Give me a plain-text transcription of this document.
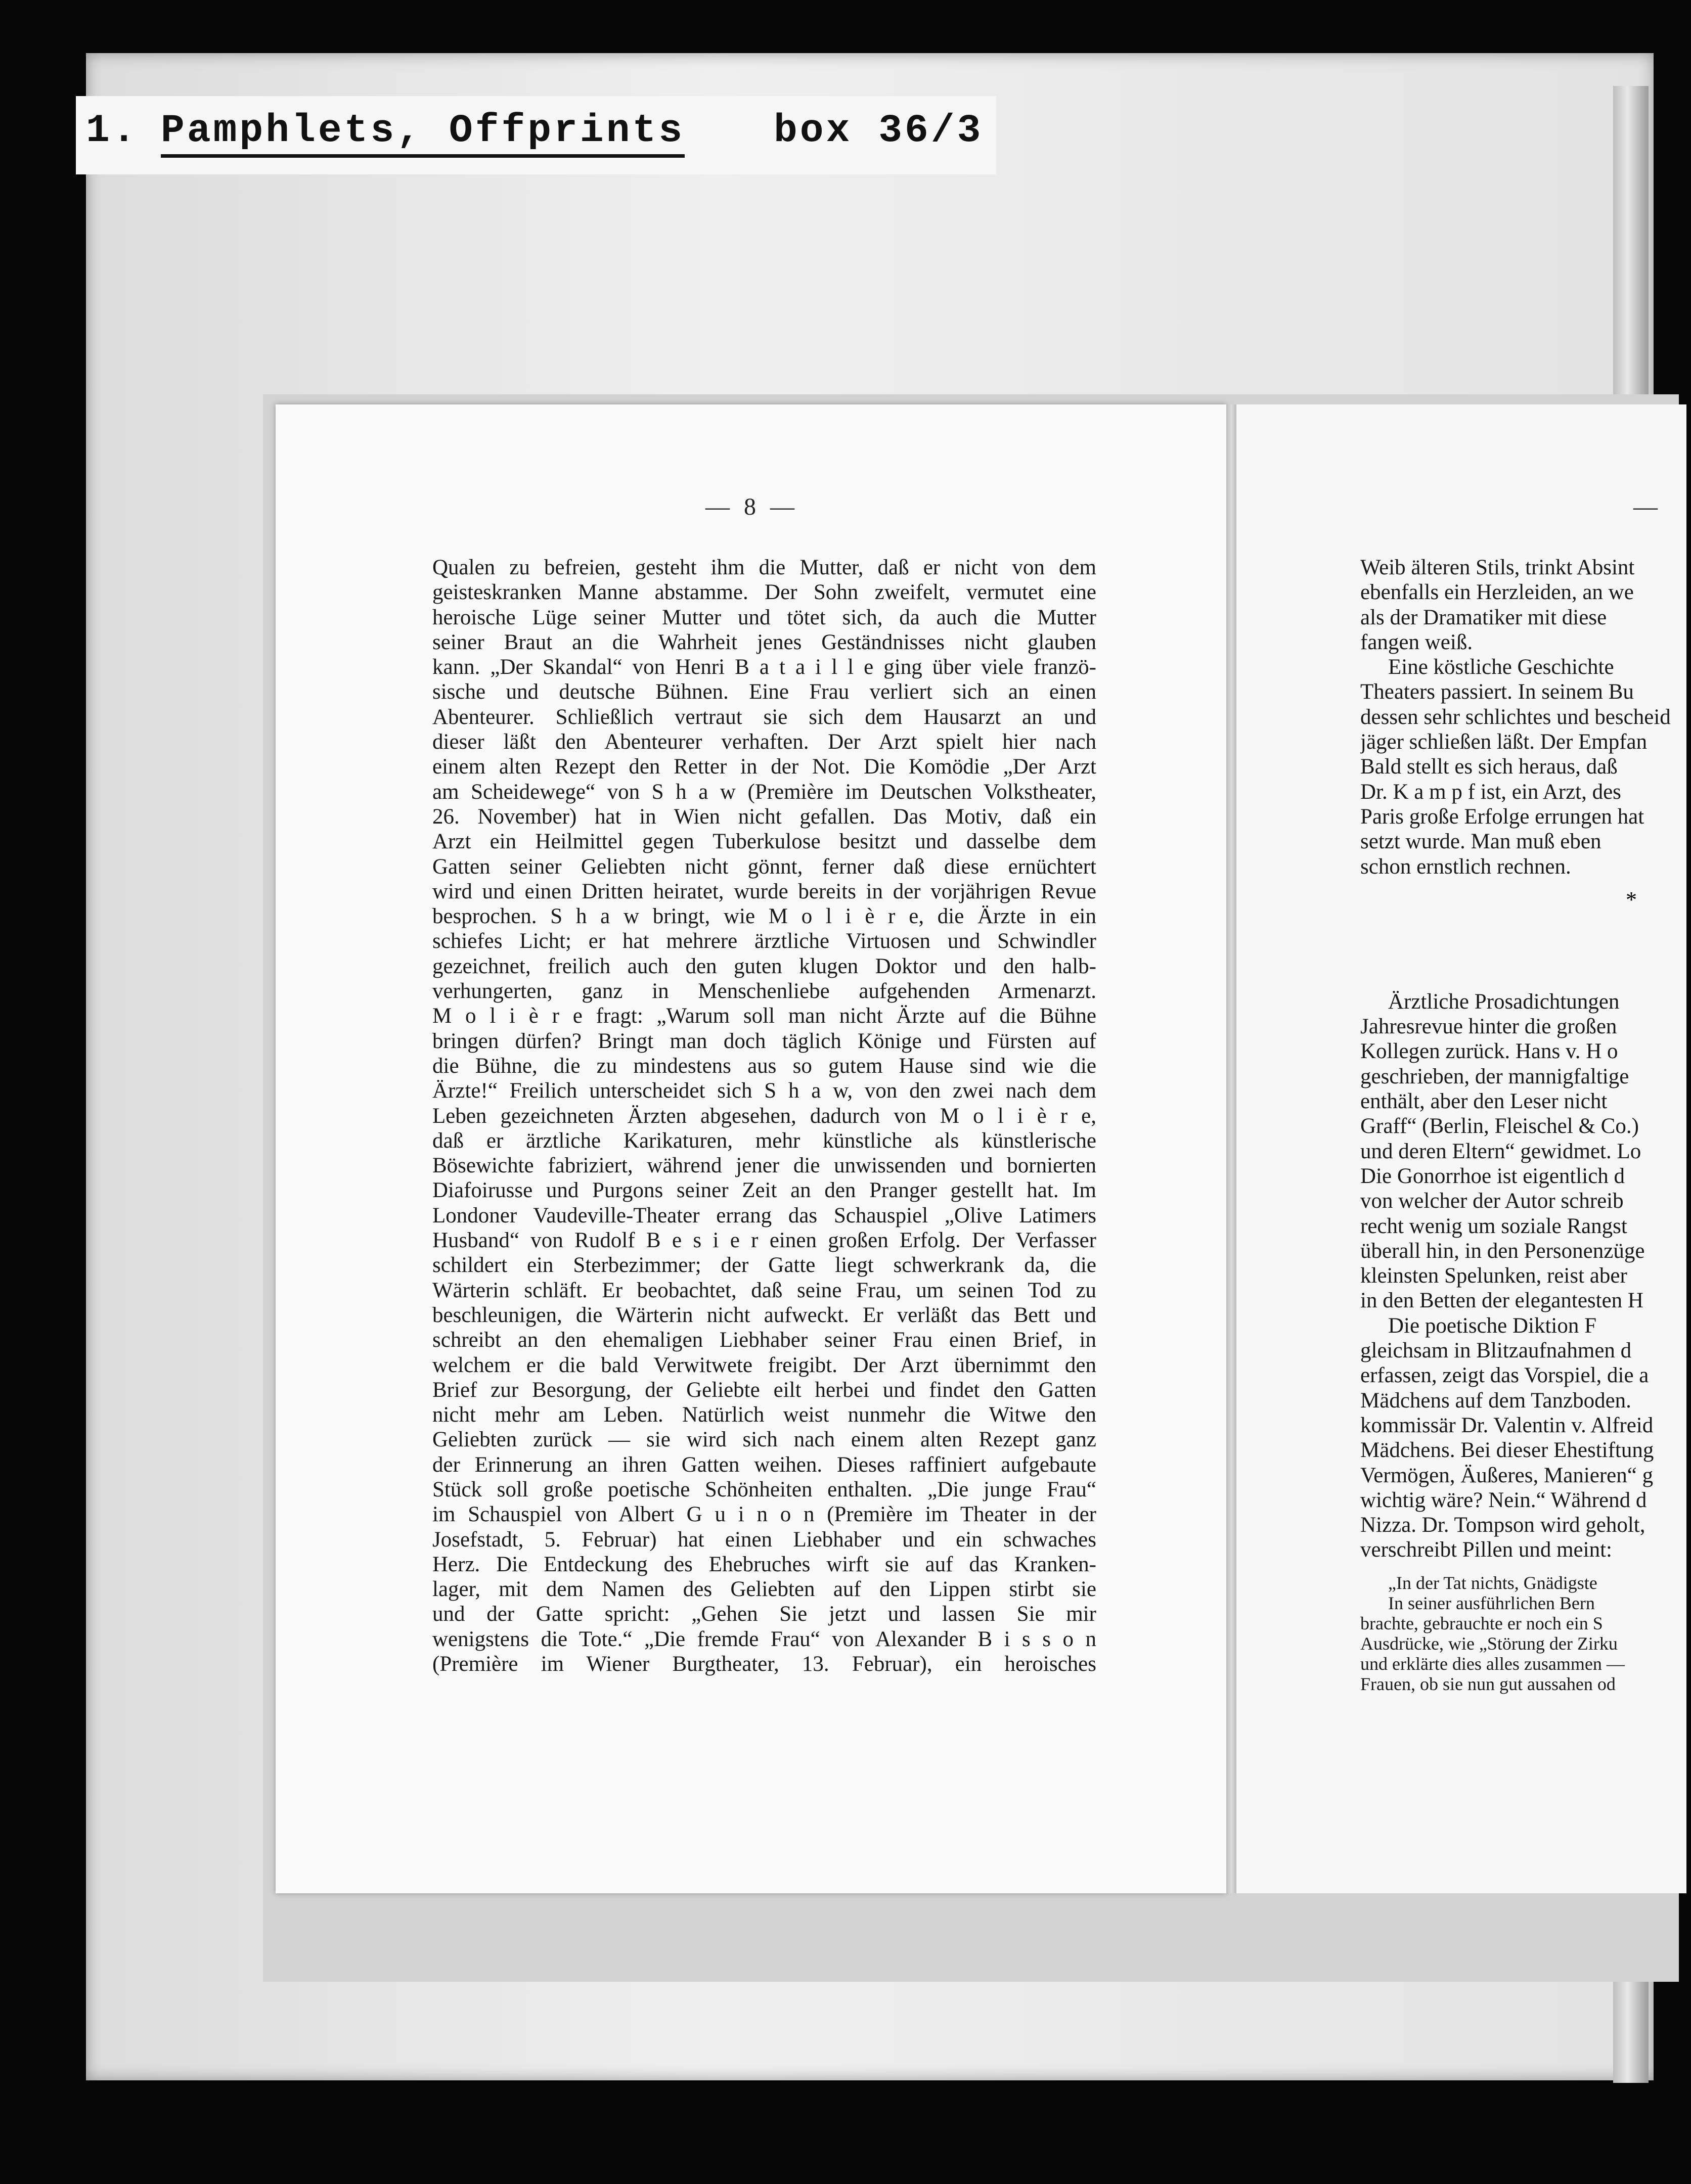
1. Pamphlets, Offprints box 36/3
— 8 —	—
Qualen zu befreien, gesteht ihm die Mutter, daß er nicht von dem
geisteskranken Manne abstamme. Der Sohn zweifelt, vermutet eine
heroische Lüge seiner Mutter und tötet sich, da auch die Mutter
seiner Braut an die Wahrheit jenes Geständnisses nicht glauben
kann. „Der Skandal“ von Henri B a t a i l l e ging über viele franzö-
sische und deutsche Bühnen. Eine Frau verliert sich an einen
Abenteurer. Schließlich vertraut sie sich dem Hausarzt an und
dieser läßt den Abenteurer verhaften. Der Arzt spielt hier nach
einem alten Rezept den Retter in der Not. Die Komödie „Der Arzt
am Scheidewege“ von S h a w (Première im Deutschen Volkstheater,
26. November) hat in Wien nicht gefallen. Das Motiv, daß ein
Arzt ein Heilmittel gegen Tuberkulose besitzt und dasselbe dem
Gatten seiner Geliebten nicht gönnt, ferner daß diese ernüchtert
wird und einen Dritten heiratet, wurde bereits in der vorjährigen Revue
besprochen. S h a w bringt, wie M o l i è r e, die Ärzte in ein
schiefes Licht; er hat mehrere ärztliche Virtuosen und Schwindler
gezeichnet, freilich auch den guten klugen Doktor und den halb-
verhungerten, ganz in Menschenliebe aufgehenden Armenarzt.
M o l i è r e fragt: „Warum soll man nicht Ärzte auf die Bühne
bringen dürfen? Bringt man doch täglich Könige und Fürsten auf
die Bühne, die zu mindestens aus so gutem Hause sind wie die
Ärzte!“ Freilich unterscheidet sich S h a w, von den zwei nach dem
Leben gezeichneten Ärzten abgesehen, dadurch von M o l i è r e,
daß er ärztliche Karikaturen, mehr künstliche als künstlerische
Bösewichte fabriziert, während jener die unwissenden und bornierten
Diafoirusse und Purgons seiner Zeit an den Pranger gestellt hat. Im
Londoner Vaudeville-Theater errang das Schauspiel „Olive Latimers
Husband“ von Rudolf B e s i e r einen großen Erfolg. Der Verfasser
schildert ein Sterbezimmer; der Gatte liegt schwerkrank da, die
Wärterin schläft. Er beobachtet, daß seine Frau, um seinen Tod zu
beschleunigen, die Wärterin nicht aufweckt. Er verläßt das Bett und
schreibt an den ehemaligen Liebhaber seiner Frau einen Brief, in
welchem er die bald Verwitwete freigibt. Der Arzt übernimmt den
Brief zur Besorgung, der Geliebte eilt herbei und findet den Gatten
nicht mehr am Leben. Natürlich weist nunmehr die Witwe den
Geliebten zurück — sie wird sich nach einem alten Rezept ganz
der Erinnerung an ihren Gatten weihen. Dieses raffiniert aufgebaute
Stück soll große poetische Schönheiten enthalten. „Die junge Frau“
im Schauspiel von Albert G u i n o n (Première im Theater in der
Josefstadt, 5. Februar) hat einen Liebhaber und ein schwaches
Herz. Die Entdeckung des Ehebruches wirft sie auf das Kranken-
lager, mit dem Namen des Geliebten auf den Lippen stirbt sie
und der Gatte spricht: „Gehen Sie jetzt und lassen Sie mir
wenigstens die Tote.“ „Die fremde Frau“ von Alexander B i s s o n
(Première im Wiener Burgtheater, 13. Februar), ein heroisches
Weib älteren Stils, trinkt Absint
ebenfalls ein Herzleiden, an we
als der Dramatiker mit diese
fangen weiß.
Eine köstliche Geschichte
Theaters passiert. In seinem Bu
dessen sehr schlichtes und bescheid
jäger schließen läßt. Der Empfan
Bald stellt es sich heraus, daß
Dr. K a m p f ist, ein Arzt, des
Paris große Erfolge errungen hat
setzt wurde. Man muß eben
schon ernstlich rechnen.
*
Ärztliche Prosadichtungen
Jahresrevue hinter die großen
Kollegen zurück. Hans v. H o
geschrieben, der mannigfaltige
enthält, aber den Leser nicht
Graff“ (Berlin, Fleischel & Co.)
und deren Eltern“ gewidmet. Lo
Die Gonorrhoe ist eigentlich d
von welcher der Autor schreib
recht wenig um soziale Rangst
überall hin, in den Personenzüge
kleinsten Spelunken, reist aber
in den Betten der elegantesten H
Die poetische Diktion F
gleichsam in Blitzaufnahmen d
erfassen, zeigt das Vorspiel, die a
Mädchens auf dem Tanzboden.
kommissär Dr. Valentin v. Alfreid
Mädchens. Bei dieser Ehestiftung
Vermögen, Äußeres, Manieren“ g
wichtig wäre? Nein.“ Während d
Nizza. Dr. Tompson wird geholt,
verschreibt Pillen und meint:
„In der Tat nichts, Gnädigste
In seiner ausführlichen Bern
brachte, gebrauchte er noch ein S
Ausdrücke, wie „Störung der Zirku
und erklärte dies alles zusammen —
Frauen, ob sie nun gut aussahen od
